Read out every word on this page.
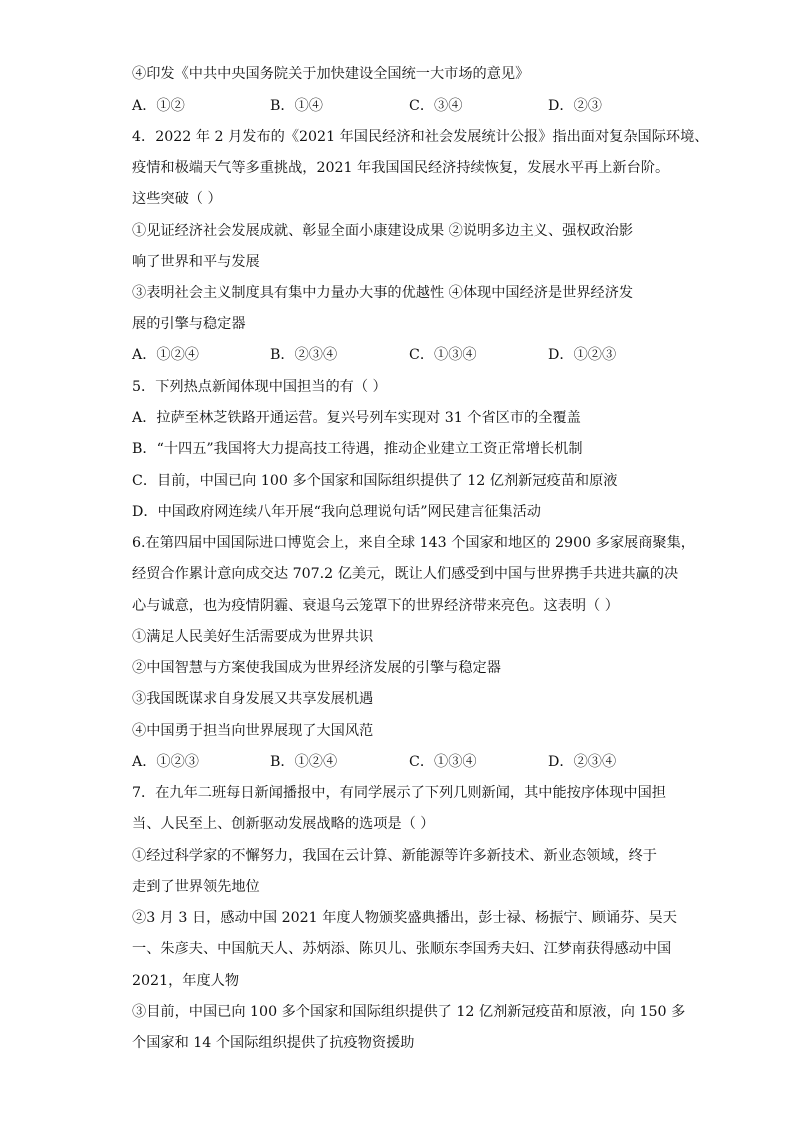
④印发《中共中央国务院关于加快建设全国统一大市场的意见》
A．①②	B．①④	C．③④	D．②③
4．2022 年 2 月发布的《2021 年国民经济和社会发展统计公报》指出面对复杂国际环境、
疫情和极端天气等多重挑战，2021 年我国国民经济持续恢复，发展水平再上新台阶。
这些突破（ ）
①见证经济社会发展成就、彰显全面小康建设成果 ②说明多边主义、强权政治影
响了世界和平与发展
③表明社会主义制度具有集中力量办大事的优越性 ④体现中国经济是世界经济发
展的引擎与稳定器
A．①②④	B．②③④	C．①③④	D．①②③
5．下列热点新闻体现中国担当的有（ ）
A．拉萨至林芝铁路开通运营。复兴号列车实现对 31 个省区市的全覆盖
B．“十四五”我国将大力提高技工待遇，推动企业建立工资正常增长机制
C．目前，中国已向 100 多个国家和国际组织提供了 12 亿剂新冠疫苗和原液
D．中国政府网连续八年开展“我向总理说句话”网民建言征集活动
6.在第四届中国国际进口博览会上，来自全球 143 个国家和地区的 2900 多家展商聚集，
经贸合作累计意向成交达 707.2 亿美元，既让人们感受到中国与世界携手共进共赢的决
心与诚意，也为疫情阴霾、衰退乌云笼罩下的世界经济带来亮色。这表明（ ）
①满足人民美好生活需要成为世界共识
②中国智慧与方案使我国成为世界经济发展的引擎与稳定器
③我国既谋求自身发展又共享发展机遇
④中国勇于担当向世界展现了大国风范
A．①②③	B．①②④	C．①③④	D．②③④
7．在九年二班每日新闻播报中，有同学展示了下列几则新闻，其中能按序体现中国担
当、人民至上、创新驱动发展战略的选项是（ ）
①经过科学家的不懈努力，我国在云计算、新能源等许多新技术、新业态领域，终于
走到了世界领先地位
②3 月 3 日，感动中国 2021 年度人物颁奖盛典播出，彭士禄、杨振宁、顾诵芬、吴天
一、朱彦夫、中国航天人、苏炳添、陈贝儿、张顺东李国秀夫妇、江梦南获得感动中国
2021，年度人物
③目前，中国已向 100 多个国家和国际组织提供了 12 亿剂新冠疫苗和原液，向 150 多
个国家和 14 个国际组织提供了抗疫物资援助
